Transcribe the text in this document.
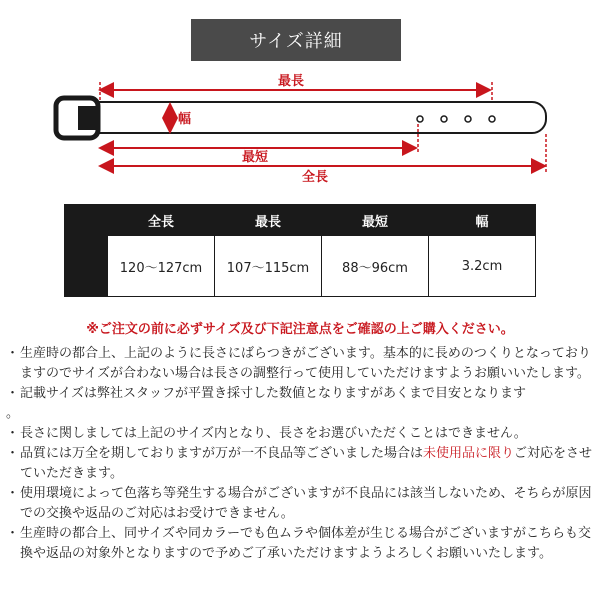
サイズ詳細
最長
幅
最短
全長
	全長	最長	最短	幅
	120〜127cm	107〜115cm	88〜96cm	3.2cm
※ご注文の前に必ずサイズ及び下記注意点をご確認の上ご購入ください。
・ 生産時の都合上、上記のように長さにばらつきがございます。基本的に長めのつくりとなっておりますのでサイズが合わない場合は長さの調整行って使用していただけますようお願いいたします。
・ 記載サイズは弊社スタッフが平置き採寸した数値となりますがあくまで目安となります
。
・ 長さに関しましては上記のサイズ内となり、長さをお選びいただくことはできません。
・ 品質には万全を期しておりますが万が一不良品等ございました場合は未使用品に限りご対応をさせていただきます。
・ 使用環境によって色落ち等発生する場合がございますが不良品には該当しないため、そちらが原因での交換や返品のご対応はお受けできません。
・ 生産時の都合上、同サイズや同カラーでも色ムラや個体差が生じる場合がございますがこちらも交換や返品の対象外となりますので予めご了承いただけますようよろしくお願いいたします。
